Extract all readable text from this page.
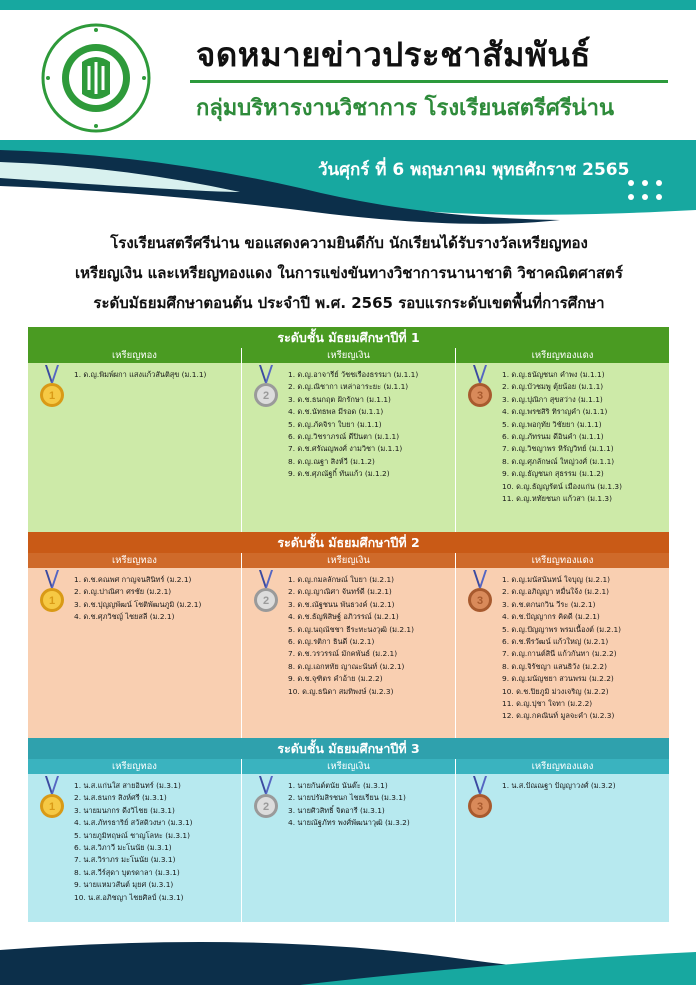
จดหมายข่าวประชาสัมพันธ์
กลุ่มบริหารงานวิชาการ โรงเรียนสตรีศรีน่าน
วันศุกร์ ที่ 6 พฤษภาคม พุทธศักราช 2565
โรงเรียนสตรีศรีน่าน ขอแสดงความยินดีกับ นักเรียนได้รับรางวัลเหรียญทอง
เหรียญเงิน และเหรียญทองแดง ในการแข่งขันทางวิชาการนานาชาติ วิชาคณิตศาสตร์
ระดับมัธยมศึกษาตอนต้น ประจำปี พ.ศ. 2565 รอบแรกระดับเขตพื้นที่การศึกษา
ระดับชั้น มัธยมศึกษาปีที่ 1
เหรียญทอง	เหรียญเงิน	เหรียญทองแดง
1
1. ด.ญ.พิมพ์ผกา แสงแก้วสันติสุข (ม.1.1)
2
1. ด.ญ.อาจารีย์ วัชชเรืองธรรมา (ม.1.1)
2. ด.ญ.ณิชากา เหล่าอาระยะ (ม.1.1)
3. ด.ช.ธนกฤต ฝักรักษา (ม.1.1)
4. ด.ช.นัทธพล มีรอด (ม.1.1)
5. ด.ญ.ภัคจิรา ใบยา (ม.1.1)
6. ด.ญ.วิชราภรณ์ ดีปินตา (ม.1.1)
7. ด.ช.ศรัณญพงศ์ งามวิชา (ม.1.1)
8. ด.ญ.ณฐา สิงห์วี (ม.1.2)
9. ด.ช.ศุภณัฐกิ์ ทันแก้ว (ม.1.2)
3
1. ด.ญ.ธนัญชนก คำพง (ม.1.1)
2. ด.ญ.บัวชมพู ตุ้ยน้อย (ม.1.1)
3. ด.ญ.ปุณิกา สุขสว่าง (ม.1.1)
4. ด.ญ.พรชสิริ ทิราญคำ (ม.1.1)
5. ด.ญ.พอกุทัย วิชัยยา (ม.1.1)
6. ด.ญ.ภัทรนม ดีอินคำ (ม.1.1)
7. ด.ญ.วิชญาพร หิรัญวิทย์ (ม.1.1)
8. ด.ญ.ศุภลักษณ์ ใหญ่วงศ์ (ม.1.1)
9. ด.ญ.ธัญชนก สุธรรม (ม.1.2)
10. ด.ญ.ธัญญรัตน์ เมืองแก่น (ม.1.3)
11. ด.ญ.หทัยชนก แก้วสา (ม.1.3)
ระดับชั้น มัธยมศึกษาปีที่ 2
เหรียญทอง	เหรียญเงิน	เหรียญทองแดง
1
1. ด.ช.คณพศ กาญจนสินิทร์ (ม.2.1)
2. ด.ญ.ปาณิศา ศรชัย (ม.2.1)
3. ด.ช.ปุญญพัฒน์ โชติพัฒนภูมิ (ม.2.1)
4. ด.ช.ศุภวิชญ์ ไชยสลี (ม.2.1)
2
1. ด.ญ.กมลลักษณ์ ใบยา (ม.2.1)
2. ด.ญ.ญาณิศา จันทร์ดี (ม.2.1)
3. ด.ช.ณัฐชนน พันธวงค์ (ม.2.1)
4. ด.ช.ธัญพิสิษฐ์ อภิวรรณ์ (ม.2.1)
5. ด.ญ.นฤณัชชา ธีระทะนงวุฒิ (ม.2.1)
6. ด.ญ.รติกา ธินดี (ม.2.1)
7. ด.ช.วรวรรณ์ มักคพันธ์ (ม.2.1)
8. ด.ญ.เอกหทัย ญาณะนันท์ (ม.2.1)
9. ด.ช.จุฑิตร คำอ้าย (ม.2.2)
10. ด.ญ.ธนิดา สมทิพงษ์ (ม.2.3)
3
1. ด.ญ.มนัสนันทน์ ใจบุญ (ม.2.1)
2. ด.ญ.อภิญญา หมื่นใจ้ง (ม.2.1)
3. ด.ช.ตกนกวิน วีระ (ม.2.1)
4. ด.ช.ปัญญากร คิดดี (ม.2.1)
5. ด.ญ.ปัญญาพร พรมเนื้องต์ (ม.2.1)
6. ด.ช.พีรวัฒน์ แก้วใหญ่ (ม.2.1)
7. ด.ญ.กานต์สินี แก้วกันทา (ม.2.2)
8. ด.ญ.จิรัชญา แสนธิวัง (ม.2.2)
9. ด.ญ.มนัญชยา สวนพรม (ม.2.2)
10. ด.ช.ปิยภูมิ ม่วงเจริญ (ม.2.2)
11. ด.ญ.ปุชา ใจทา (ม.2.2)
12. ด.ญ.กคณินท์ มูลจะคำ (ม.2.3)
ระดับชั้น มัธยมศึกษาปีที่ 3
เหรียญทอง	เหรียญเงิน	เหรียญทองแดง
1
1. น.ส.แก่นใส สายอินทร์ (ม.3.1)
2. น.ส.ธนกร สิงห์ศรี (ม.3.1)
3. นายมนกกร ดีงวิไชย (ม.3.1)
4. น.ส.ภัทรธาริย์ สวัสดิวงษา (ม.3.1)
5. นายภูมิทฤษณ์ ชาญโลหะ (ม.3.1)
6. น.ส.วิภาวี มะโนนัย (ม.3.1)
7. น.ส.วิราภร มะโนนัย (ม.3.1)
8. น.ส.วีร์สุดา บุตรดาลา (ม.3.1)
9. นายแหมวสันต์ มุยศ (ม.3.1)
10. น.ส.อภิชญา ไชยศิลป์ (ม.3.1)
2
1. นายกันต์ตนัย นันต๊ะ (ม.3.1)
2. นายปรัมสิรชนก ไชยเรียน (ม.3.1)
3. นายศิวสิทธิ์ จิตอารี (ม.3.1)
4. นายณัฐภัทร พงศ์พัฒนาวุฒิ (ม.3.2)
3
1. น.ส.ปัณณฐา ปัญญาวงศ์ (ม.3.2)
